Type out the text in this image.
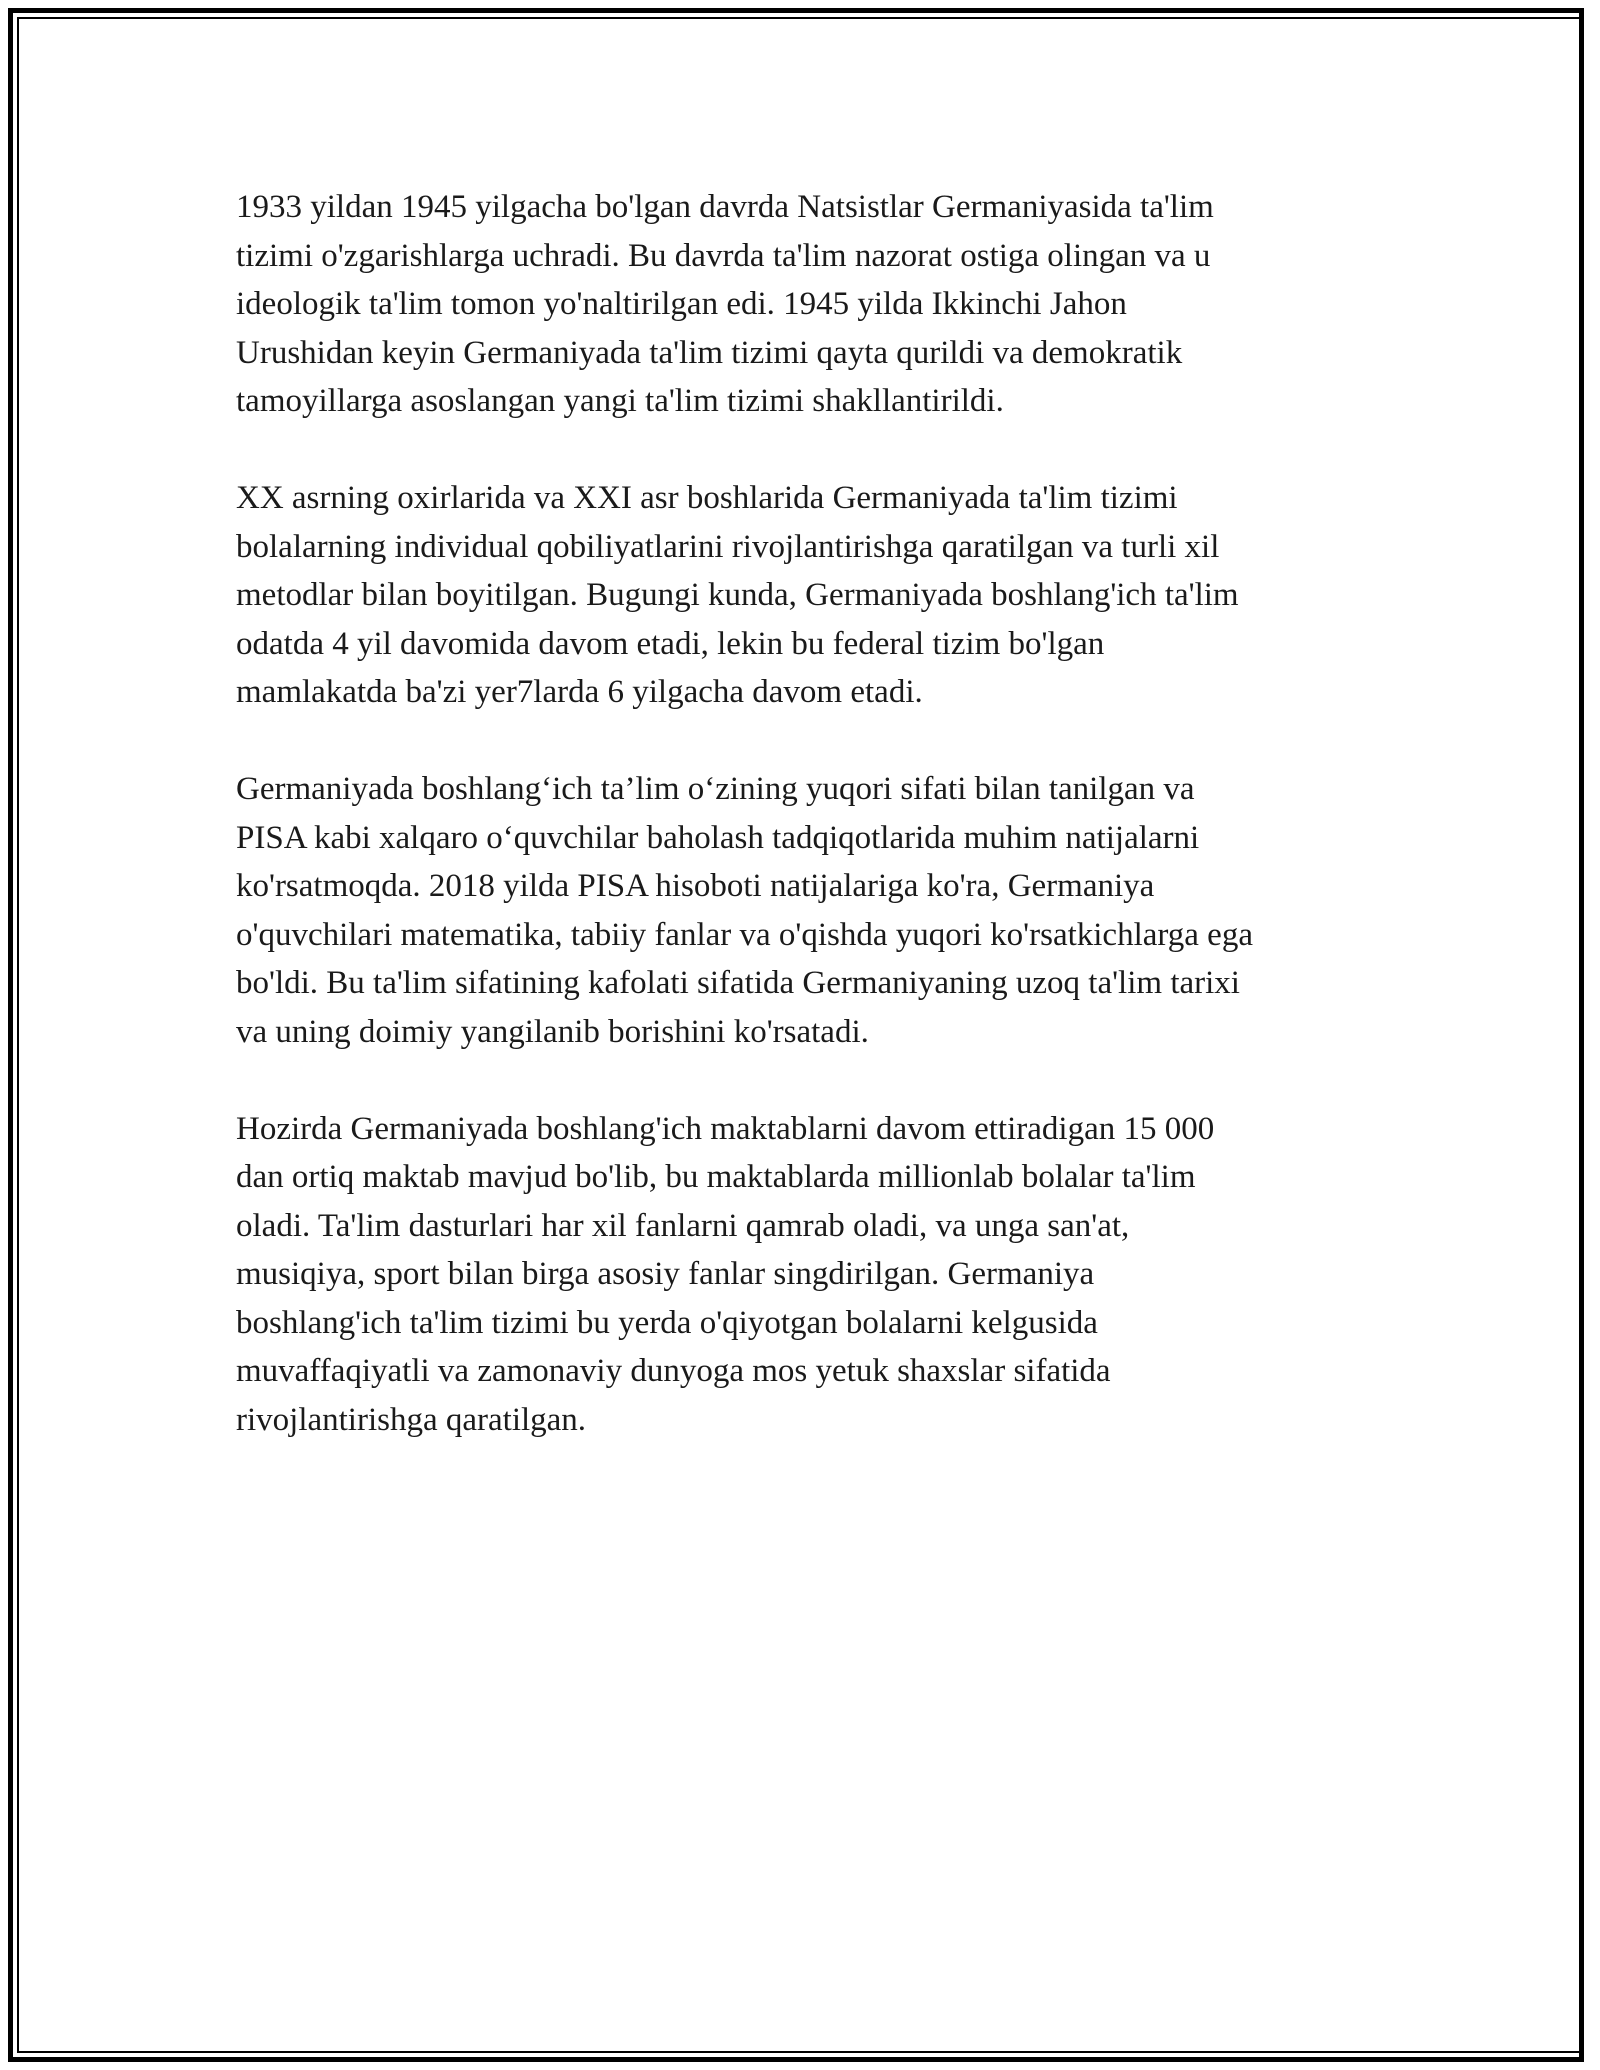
1933 yildan 1945 yilgacha bo'lgan davrda Natsistlar Germaniyasida ta'lim
tizimi o'zgarishlarga uchradi. Bu davrda ta'lim nazorat ostiga olingan va u
ideologik ta'lim tomon yo'naltirilgan edi. 1945 yilda Ikkinchi Jahon
Urushidan keyin Germaniyada ta'lim tizimi qayta qurildi va demokratik
tamoyillarga asoslangan yangi ta'lim tizimi shakllantirildi.

XX asrning oxirlarida va XXI asr boshlarida Germaniyada ta'lim tizimi
bolalarning individual qobiliyatlarini rivojlantirishga qaratilgan va turli xil
metodlar bilan boyitilgan. Bugungi kunda, Germaniyada boshlang'ich ta'lim
odatda 4 yil davomida davom etadi, lekin bu federal tizim bo'lgan
mamlakatda ba'zi yer7larda 6 yilgacha davom etadi.

Germaniyada boshlang‘ich ta’lim o‘zining yuqori sifati bilan tanilgan va
PISA kabi xalqaro o‘quvchilar baholash tadqiqotlarida muhim natijalarni
ko'rsatmoqda. 2018 yilda PISA hisoboti natijalariga ko'ra, Germaniya
o'quvchilari matematika, tabiiy fanlar va o'qishda yuqori ko'rsatkichlarga ega
bo'ldi. Bu ta'lim sifatining kafolati sifatida Germaniyaning uzoq ta'lim tarixi
va uning doimiy yangilanib borishini ko'rsatadi.

Hozirda Germaniyada boshlang'ich maktablarni davom ettiradigan 15 000
dan ortiq maktab mavjud bo'lib, bu maktablarda millionlab bolalar ta'lim
oladi. Ta'lim dasturlari har xil fanlarni qamrab oladi, va unga san'at,
musiqiya, sport bilan birga asosiy fanlar singdirilgan. Germaniya
boshlang'ich ta'lim tizimi bu yerda o'qiyotgan bolalarni kelgusida
muvaffaqiyatli va zamonaviy dunyoga mos yetuk shaxslar sifatida
rivojlantirishga qaratilgan.
